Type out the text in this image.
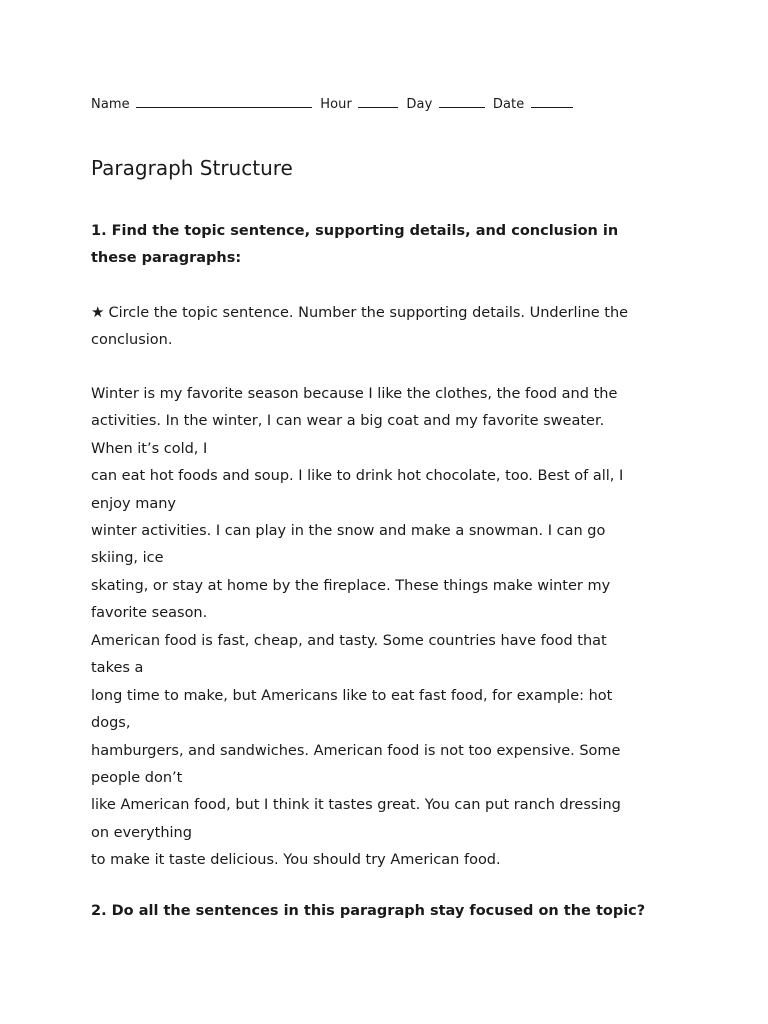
Name	Hour	Day	Date
Paragraph Structure
1. Find the topic sentence, supporting details, and conclusion in these paragraphs:
★ Circle the topic sentence. Number the supporting details. Underline the conclusion.
Winter is my favorite season because I like the clothes, the food and the
activities. In the winter, I can wear a big coat and my favorite sweater.
When it’s cold, I
can eat hot foods and soup. I like to drink hot chocolate, too. Best of all, I
enjoy many
winter activities. I can play in the snow and make a snowman. I can go
skiing, ice
skating, or stay at home by the fireplace. These things make winter my
favorite season.
American food is fast, cheap, and tasty. Some countries have food that
takes a
long time to make, but Americans like to eat fast food, for example: hot
dogs,
hamburgers, and sandwiches. American food is not too expensive. Some
people don’t
like American food, but I think it tastes great. You can put ranch dressing
on everything
to make it taste delicious. You should try American food.
2. Do all the sentences in this paragraph stay focused on the topic?
